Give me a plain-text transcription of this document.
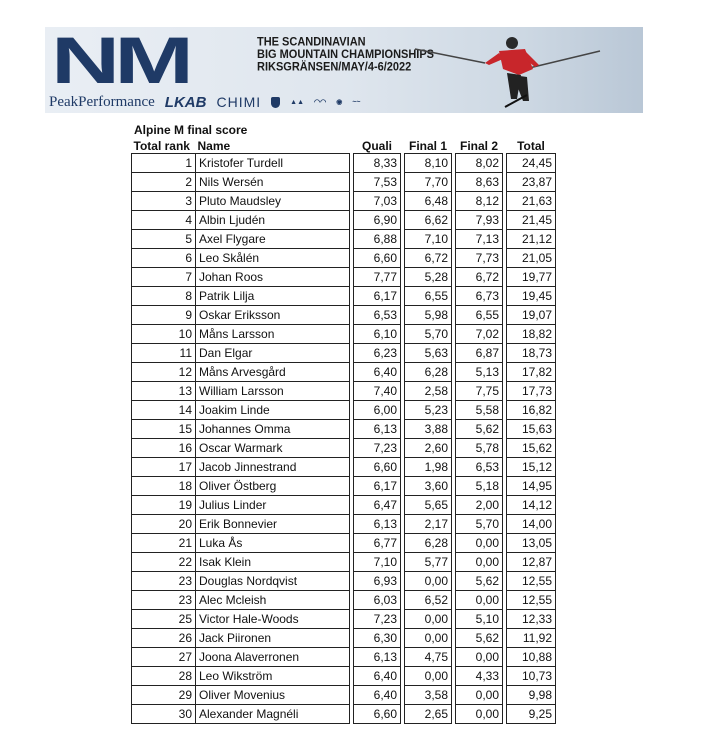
NM	THE SCANDINAVIAN
BIG MOUNTAIN CHAMPIONSHIPS
RIKSGRÄNSEN/MAY/4-6/2022
PeakPerformance LKAB CHIMI	▲▲ ◠◠ ◉ ~~
Alpine M final score
Total rank	Name		Quali		Final 1		Final 2		Total
1	Kristofer Turdell		8,33		8,10		8,02		24,45
2	Nils Wersén		7,53		7,70		8,63		23,87
3	Pluto Maudsley		7,03		6,48		8,12		21,63
4	Albin Ljudén		6,90		6,62		7,93		21,45
5	Axel Flygare		6,88		7,10		7,13		21,12
6	Leo Skålén		6,60		6,72		7,73		21,05
7	Johan Roos		7,77		5,28		6,72		19,77
8	Patrik Lilja		6,17		6,55		6,73		19,45
9	Oskar Eriksson		6,53		5,98		6,55		19,07
10	Måns Larsson		6,10		5,70		7,02		18,82
11	Dan Elgar		6,23		5,63		6,87		18,73
12	Måns Arvesgård		6,40		6,28		5,13		17,82
13	William Larsson		7,40		2,58		7,75		17,73
14	Joakim Linde		6,00		5,23		5,58		16,82
15	Johannes Omma		6,13		3,88		5,62		15,63
16	Oscar Warmark		7,23		2,60		5,78		15,62
17	Jacob Jinnestrand		6,60		1,98		6,53		15,12
18	Oliver Östberg		6,17		3,60		5,18		14,95
19	Julius Linder		6,47		5,65		2,00		14,12
20	Erik Bonnevier		6,13		2,17		5,70		14,00
21	Luka Ås		6,77		6,28		0,00		13,05
22	Isak Klein		7,10		5,77		0,00		12,87
23	Douglas Nordqvist		6,93		0,00		5,62		12,55
23	Alec Mcleish		6,03		6,52		0,00		12,55
25	Victor Hale-Woods		7,23		0,00		5,10		12,33
26	Jack Piironen		6,30		0,00		5,62		11,92
27	Joona Alaverronen		6,13		4,75		0,00		10,88
28	Leo Wikström		6,40		0,00		4,33		10,73
29	Oliver Movenius		6,40		3,58		0,00		9,98
30	Alexander Magnéli		6,60		2,65		0,00		9,25
